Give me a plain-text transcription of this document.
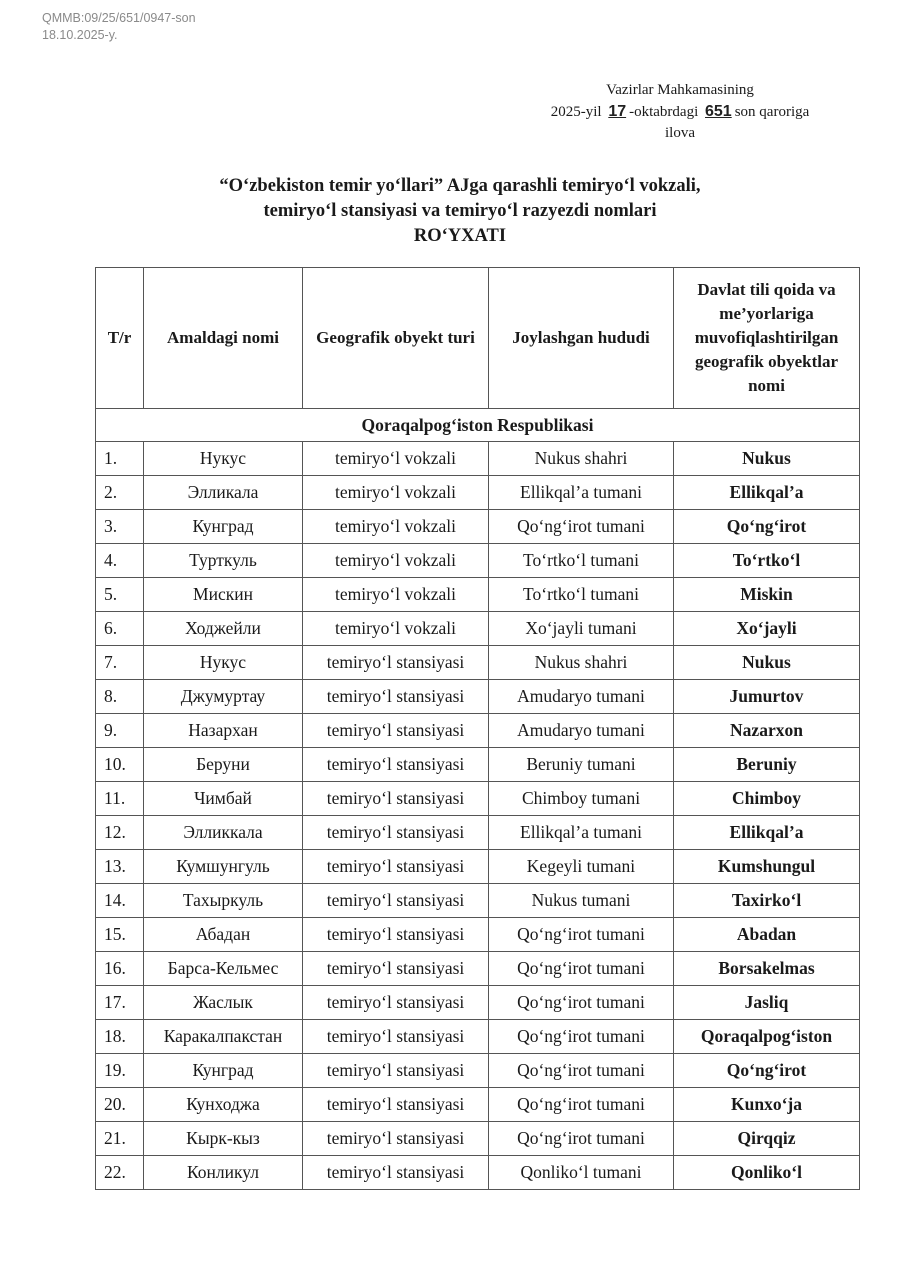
QMMB:09/25/651/0947-son
18.10.2025-y.
Vazirlar Mahkamasining
2025-yil 17 -oktabrdagi 651 son qaroriga
ilova
“O‘zbekiston temir yo‘llari” AJga qarashli temiryo‘l vokzali,
temiryo‘l stansiyasi va temiryo‘l razyezdi nomlari
RO‘YXATI
T/r	Amaldagi nomi	Geografik obyekt turi	Joylashgan hududi	Davlat tili qoida va me’yorlariga muvofiqlashtirilgan geografik obyektlar nomi
Qoraqalpog‘iston Respublikasi				
1.	Нукус	temiryo‘l vokzali	Nukus shahri	Nukus
2.	Элликала	temiryo‘l vokzali	Ellikqal’a tumani	Ellikqal’a
3.	Кунград	temiryo‘l vokzali	Qo‘ng‘irot tumani	Qo‘ng‘irot
4.	Турткуль	temiryo‘l vokzali	To‘rtko‘l tumani	To‘rtko‘l
5.	Мискин	temiryo‘l vokzali	To‘rtko‘l tumani	Miskin
6.	Ходжейли	temiryo‘l vokzali	Xo‘jayli tumani	Xo‘jayli
7.	Нукус	temiryo‘l stansiyasi	Nukus shahri	Nukus
8.	Джумуртау	temiryo‘l stansiyasi	Amudaryo tumani	Jumurtov
9.	Назархан	temiryo‘l stansiyasi	Amudaryo tumani	Nazarxon
10.	Беруни	temiryo‘l stansiyasi	Beruniy tumani	Beruniy
11.	Чимбай	temiryo‘l stansiyasi	Chimboy tumani	Chimboy
12.	Элликкала	temiryo‘l stansiyasi	Ellikqal’a tumani	Ellikqal’a
13.	Кумшунгуль	temiryo‘l stansiyasi	Kegeyli tumani	Kumshungul
14.	Тахыркуль	temiryo‘l stansiyasi	Nukus tumani	Taxirko‘l
15.	Абадан	temiryo‘l stansiyasi	Qo‘ng‘irot tumani	Abadan
16.	Барса-Кельмес	temiryo‘l stansiyasi	Qo‘ng‘irot tumani	Borsakelmas
17.	Жаслык	temiryo‘l stansiyasi	Qo‘ng‘irot tumani	Jasliq
18.	Каракалпакстан	temiryo‘l stansiyasi	Qo‘ng‘irot tumani	Qoraqalpog‘iston
19.	Кунград	temiryo‘l stansiyasi	Qo‘ng‘irot tumani	Qo‘ng‘irot
20.	Кунходжа	temiryo‘l stansiyasi	Qo‘ng‘irot tumani	Kunxo‘ja
21.	Кырк-кыз	temiryo‘l stansiyasi	Qo‘ng‘irot tumani	Qirqqiz
22.	Конликул	temiryo‘l stansiyasi	Qonliko‘l tumani	Qonliko‘l
